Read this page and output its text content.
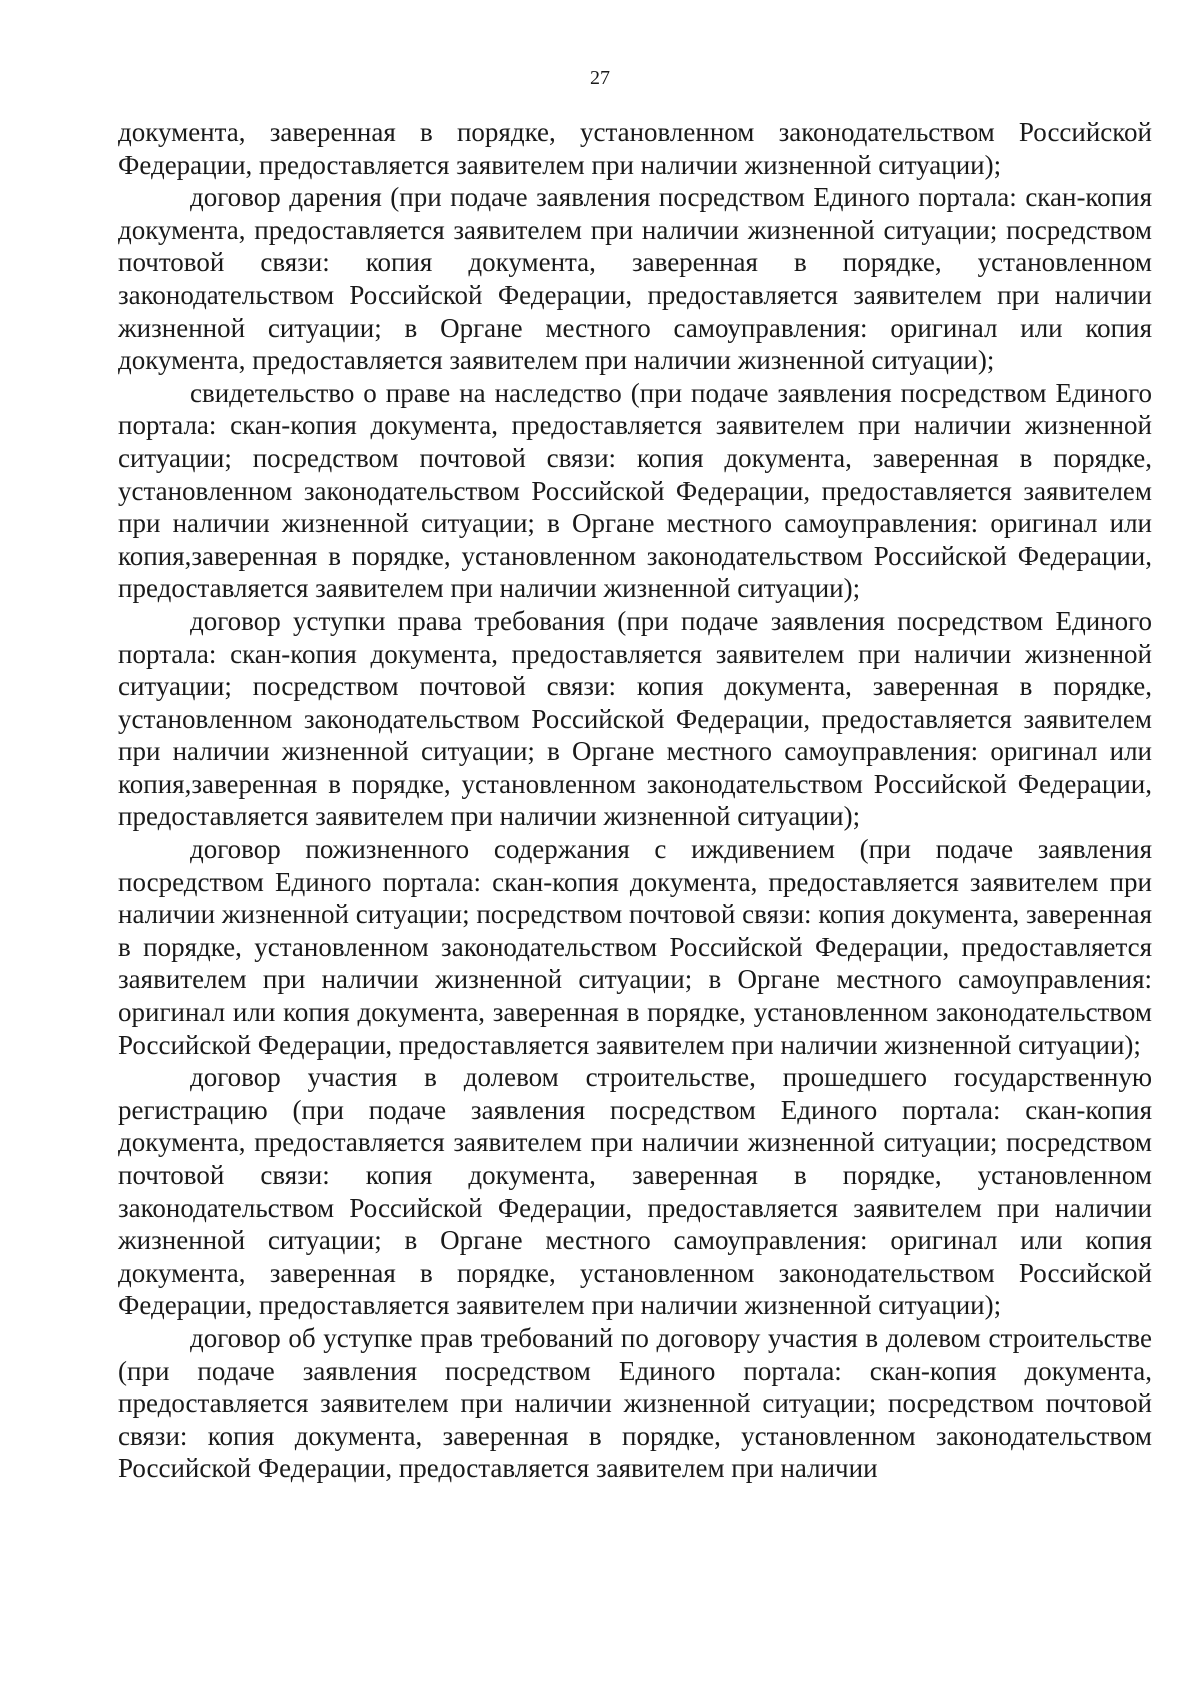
27

документа, заверенная в порядке, установленном законодательством Российской Федерации, предоставляется заявителем при наличии жизненной ситуации);

договор дарения (при подаче заявления посредством Единого портала: скан-копия документа, предоставляется заявителем при наличии жизненной ситуации; посредством почтовой связи: копия документа, заверенная в порядке, установленном законодательством Российской Федерации, предоставляется заявителем при наличии жизненной ситуации; в Органе местного самоуправления: оригинал или копия документа, предоставляется заявителем при наличии жизненной ситуации);

свидетельство о праве на наследство (при подаче заявления посредством Единого портала: скан-копия документа, предоставляется заявителем при наличии жизненной ситуации; посредством почтовой связи: копия документа, заверенная в порядке, установленном законодательством Российской Федерации, предоставляется заявителем при наличии жизненной ситуации; в Органе местного самоуправления: оригинал или копия,заверенная в порядке, установленном законодательством Российской Федерации, предоставляется заявителем при наличии жизненной ситуации);

договор уступки права требования (при подаче заявления посредством Единого портала: скан-копия документа, предоставляется заявителем при наличии жизненной ситуации; посредством почтовой связи: копия документа, заверенная в порядке, установленном законодательством Российской Федерации, предоставляется заявителем при наличии жизненной ситуации; в Органе местного самоуправления: оригинал или копия,заверенная в порядке, установленном законодательством Российской Федерации, предоставляется заявителем при наличии жизненной ситуации);

договор пожизненного содержания с иждивением (при подаче заявления посредством Единого портала: скан-копия документа, предоставляется заявителем при наличии жизненной ситуации; посредством почтовой связи: копия документа, заверенная в порядке, установленном законодательством Российской Федерации, предоставляется заявителем при наличии жизненной ситуации; в Органе местного самоуправления: оригинал или копия документа, заверенная в порядке, установленном законодательством Российской Федерации, предоставляется заявителем при наличии жизненной ситуации);

договор участия в долевом строительстве, прошедшего государственную регистрацию (при подаче заявления посредством Единого портала: скан-копия документа, предоставляется заявителем при наличии жизненной ситуации; посредством почтовой связи: копия документа, заверенная в порядке, установленном законодательством Российской Федерации, предоставляется заявителем при наличии жизненной ситуации; в Органе местного самоуправления: оригинал или копия документа, заверенная в порядке, установленном законодательством Российской Федерации, предоставляется заявителем при наличии жизненной ситуации);

договор об уступке прав требований по договору участия в долевом строительстве (при подаче заявления посредством Единого портала: скан-копия документа, предоставляется заявителем при наличии жизненной ситуации; посредством почтовой связи: копия документа, заверенная в порядке, установленном законодательством Российской Федерации, предоставляется заявителем при наличии
